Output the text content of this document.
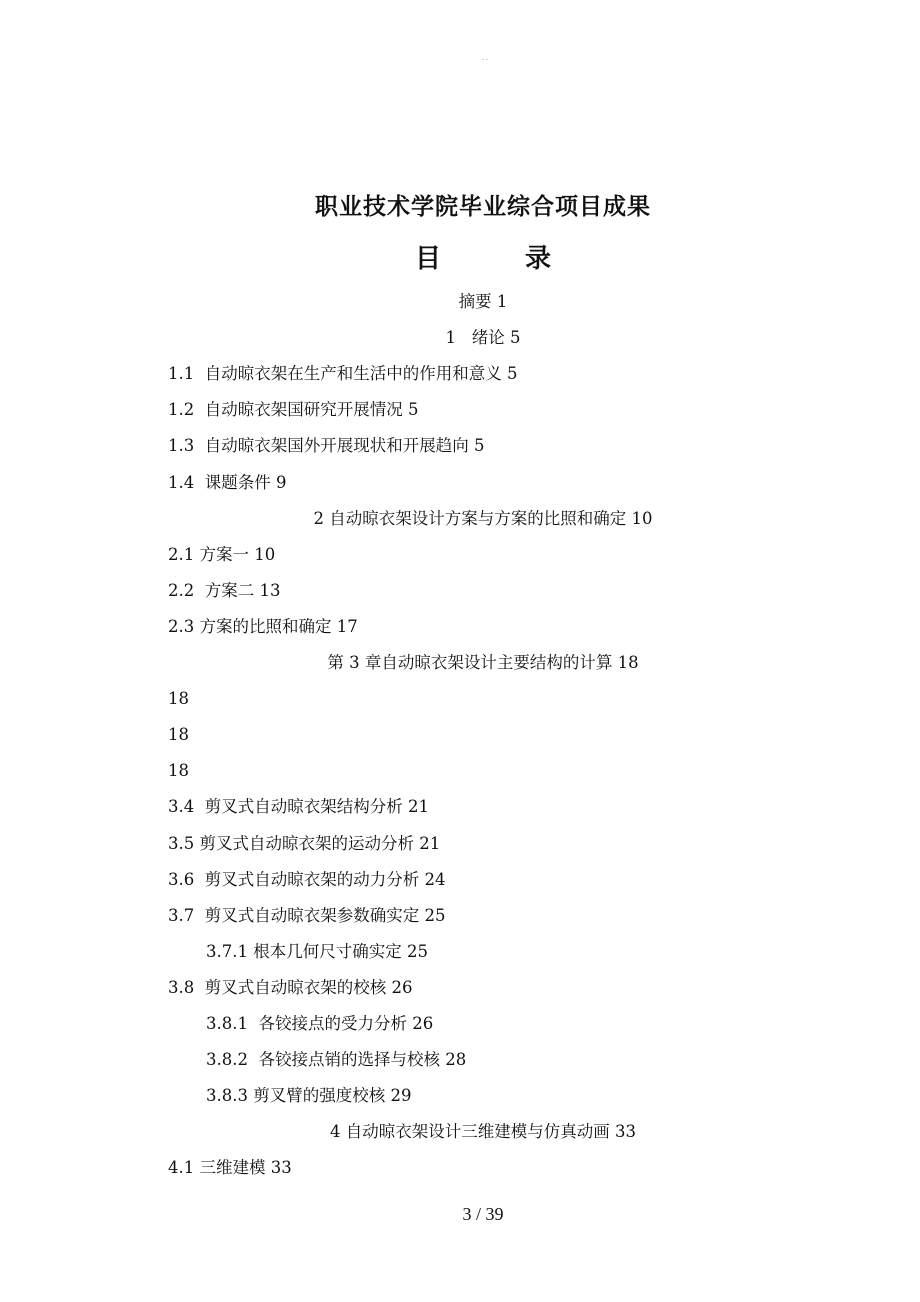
- -
职业技术学院毕业综合项目成果
目	录
摘要 1
1   绪论 5
1.1  自动晾衣架在生产和生活中的作用和意义 5
1.2  自动晾衣架国研究开展情况 5
1.3  自动晾衣架国外开展现状和开展趋向 5
1.4  课题条件 9
2 自动晾衣架设计方案与方案的比照和确定 10
2.1 方案一 10
2.2  方案二 13
2.3 方案的比照和确定 17
第 3 章自动晾衣架设计主要结构的计算 18
18
18
18
3.4  剪叉式自动晾衣架结构分析 21
3.5 剪叉式自动晾衣架的运动分析 21
3.6  剪叉式自动晾衣架的动力分析 24
3.7  剪叉式自动晾衣架参数确实定 25
3.7.1 根本几何尺寸确实定 25
3.8  剪叉式自动晾衣架的校核 26
3.8.1  各铰接点的受力分析 26
3.8.2  各铰接点销的选择与校核 28
3.8.3 剪叉臂的强度校核 29
4 自动晾衣架设计三维建模与仿真动画 33
4.1 三维建模 33
3 / 39
